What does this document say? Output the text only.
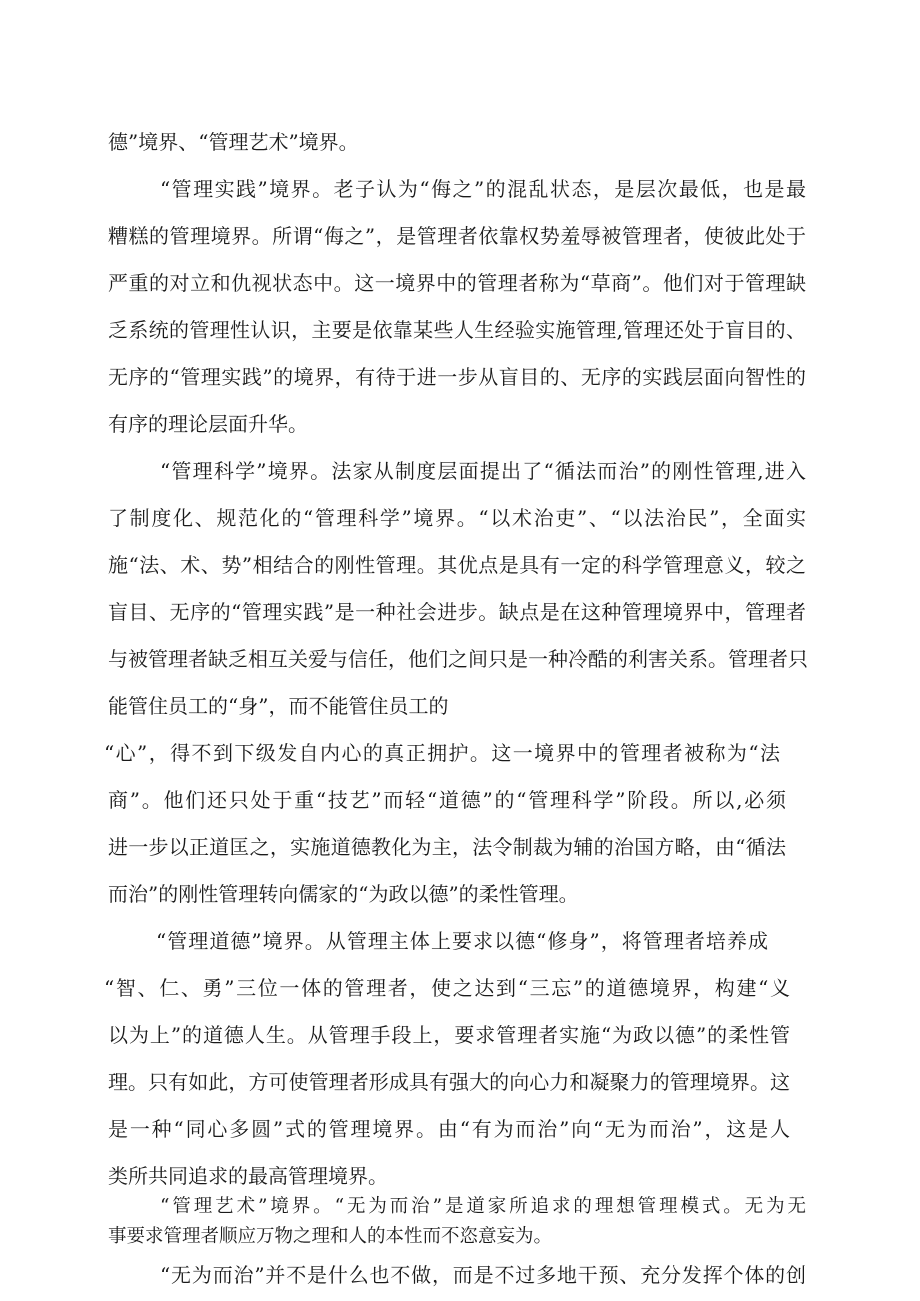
德”境界、“管理艺术”境界。

“管理实践”境界。老子认为“侮之”的混乱状态，是层次最低，也是最

糟糕的管理境界。所谓“侮之”，是管理者依靠权势羞辱被管理者，使彼此处于

严重的对立和仇视状态中。这一境界中的管理者称为“草商”。他们对于管理缺

乏系统的管理性认识，主要是依靠某些人生经验实施管理,管理还处于盲目的、

无序的“管理实践”的境界，有待于进一步从盲目的、无序的实践层面向智性的

有序的理论层面升华。

“管理科学”境界。法家从制度层面提出了“循法而治”的刚性管理,进入

了制度化、规范化的“管理科学”境界。“以术治吏”、“以法治民”，全面实

施“法、术、势”相结合的刚性管理。其优点是具有一定的科学管理意义，较之

盲目、无序的“管理实践”是一种社会进步。缺点是在这种管理境界中，管理者

与被管理者缺乏相互关爱与信任，他们之间只是一种冷酷的利害关系。管理者只

能管住员工的“身”，而不能管住员工的

“心”，得不到下级发自内心的真正拥护。这一境界中的管理者被称为“法

商”。他们还只处于重“技艺”而轻“道德”的“管理科学”阶段。所以,必须

进一步以正道匡之，实施道德教化为主，法令制裁为辅的治国方略，由“循法

而治”的刚性管理转向儒家的“为政以德”的柔性管理。

“管理道德”境界。从管理主体上要求以德“修身”，将管理者培养成

“智、仁、勇”三位一体的管理者，使之达到“三忘”的道德境界，构建“义

以为上”的道德人生。从管理手段上，要求管理者实施“为政以德”的柔性管

理。只有如此，方可使管理者形成具有强大的向心力和凝聚力的管理境界。这

是一种“同心多圆”式的管理境界。由“有为而治”向“无为而治”，这是人

类所共同追求的最高管理境界。

“管理艺术”境界。“无为而治”是道家所追求的理想管理模式。无为无

事要求管理者顺应万物之理和人的本性而不恣意妄为。

“无为而治”并不是什么也不做，而是不过多地干预、充分发挥个体的创
